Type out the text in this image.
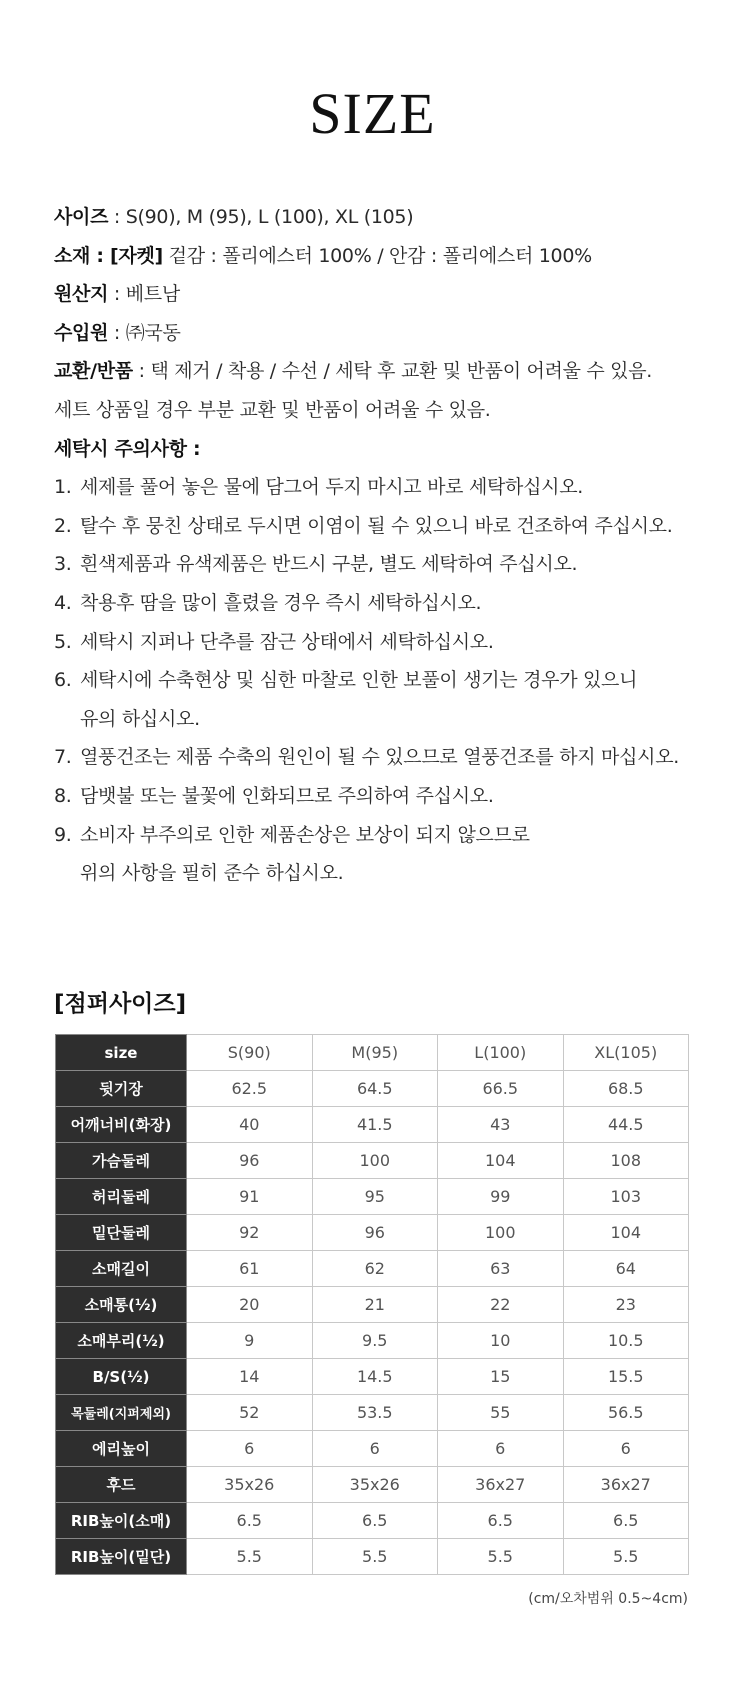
SIZE
사이즈 : S(90), M (95), L (100), XL (105)
소재 : [자켓] 겉감 : 폴리에스터 100% / 안감 : 폴리에스터 100%
원산지 : 베트남
수입원 : ㈜국동
교환/반품 : 택 제거 / 착용 / 수선 / 세탁 후 교환 및 반품이 어려울 수 있음.
세트 상품일 경우 부분 교환 및 반품이 어려울 수 있음.
세탁시 주의사항 :
1. 세제를 풀어 놓은 물에 담그어 두지 마시고 바로 세탁하십시오.
2. 탈수 후 뭉친 상태로 두시면 이염이 될 수 있으니 바로 건조하여 주십시오.
3. 흰색제품과 유색제품은 반드시 구분, 별도 세탁하여 주십시오.
4. 착용후 땀을 많이 흘렸을 경우 즉시 세탁하십시오.
5. 세탁시 지퍼나 단추를 잠근 상태에서 세탁하십시오.
6. 세탁시에 수축현상 및 심한 마찰로 인한 보풀이 생기는 경우가 있으니
유의 하십시오.
7. 열풍건조는 제품 수축의 원인이 될 수 있으므로 열풍건조를 하지 마십시오.
8. 담뱃불 또는 불꽃에 인화되므로 주의하여 주십시오.
9. 소비자 부주의로 인한 제품손상은 보상이 되지 않으므로
위의 사항을 필히 준수 하십시오.
[점퍼사이즈]
size	S(90)	M(95)	L(100)	XL(105)
뒷기장	62.5	64.5	66.5	68.5
어깨너비(화장)	40	41.5	43	44.5
가슴둘레	96	100	104	108
허리둘레	91	95	99	103
밑단둘레	92	96	100	104
소매길이	61	62	63	64
소매통(½)	20	21	22	23
소매부리(½)	9	9.5	10	10.5
B/S(½)	14	14.5	15	15.5
목둘레(지퍼제외)	52	53.5	55	56.5
에리높이	6	6	6	6
후드	35x26	35x26	36x27	36x27
RIB높이(소매)	6.5	6.5	6.5	6.5
RIB높이(밑단)	5.5	5.5	5.5	5.5
(cm/오차범위 0.5~4cm)
